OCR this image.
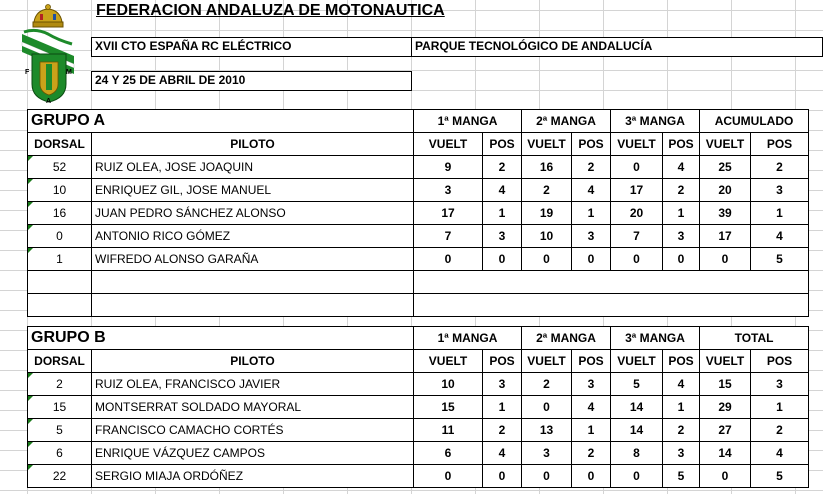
F	M
A
FEDERACION ANDALUZA DE MOTONAUTICA
XVII CTO ESPAÑA RC ELÉCTRICO	PARQUE TECNOLÓGICO DE ANDALUCÍA
24 Y 25 DE ABRIL DE 2010
GRUPO A		1ª MANGA		2ª MANGA		3ª MANGA		ACUMULADO	
DORSAL	PILOTO	VUELT	POS	VUELT	POS	VUELT	POS	VUELT	POS
52	RUIZ OLEA, JOSE JOAQUIN	9	2	16	2	0	4	25	2
10	ENRIQUEZ GIL, JOSE MANUEL	3	4	2	4	17	2	20	3
16	JUAN PEDRO SÁNCHEZ ALONSO	17	1	19	1	20	1	39	1
0	ANTONIO RICO GÓMEZ	7	3	10	3	7	3	17	4
1	WIFREDO ALONSO GARAÑA	0	0	0	0	0	0	0	5

GRUPO B		1ª MANGA		2ª MANGA		3ª MANGA		TOTAL	
DORSAL	PILOTO	VUELT	POS	VUELT	POS	VUELT	POS	VUELT	POS
2	RUIZ OLEA, FRANCISCO JAVIER	10	3	2	3	5	4	15	3
15	MONTSERRAT SOLDADO MAYORAL	15	1	0	4	14	1	29	1
5	FRANCISCO CAMACHO CORTÉS	11	2	13	1	14	2	27	2
6	ENRIQUE VÁZQUEZ CAMPOS	6	4	3	2	8	3	14	4
22	SERGIO MIAJA ORDÓÑEZ	0	0	0	0	0	5	0	5
